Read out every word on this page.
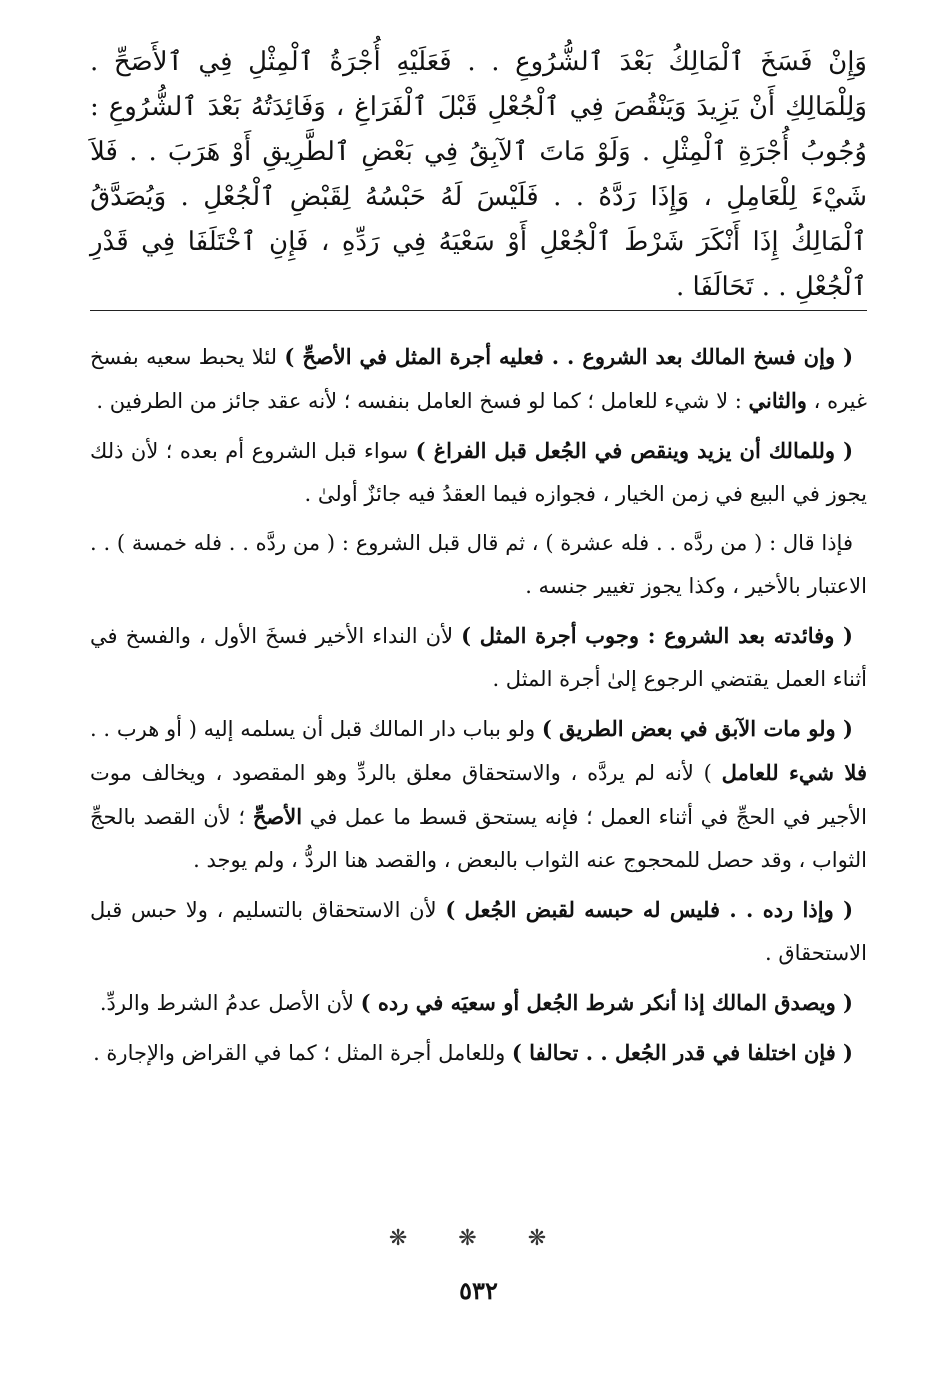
وَإِنْ فَسَخَ ٱلْمَالِكُ بَعْدَ ٱلشُّرُوعِ . . فَعَلَيْهِ أُجْرَةُ ٱلْمِثْلِ فِي ٱلأَصَحِّ . وَلِلْمَالِكِ أَنْ يَزِيدَ وَيَنْقُصَ فِي ٱلْجُعْلِ قَبْلَ ٱلْفَرَاغِ ، وَفَائِدَتُهُ بَعْدَ ٱلشُّرُوعِ : وُجُوبُ أُجْرَةِ ٱلْمِثْلِ . وَلَوْ مَاتَ ٱلآبِقُ فِي بَعْضِ ٱلطَّرِيقِ أَوْ هَرَبَ . . فَلاَ شَيْءَ لِلْعَامِلِ ، وَإِذَا رَدَّهُ . . فَلَيْسَ لَهُ حَبْسُهُ لِقَبْضِ ٱلْجُعْلِ . وَيُصَدَّقُ ٱلْمَالِكُ إِذَا أَنْكَرَ شَرْطَ ٱلْجُعْلِ أَوْ سَعْيَهُ فِي رَدِّهِ ، فَإِنِ ٱخْتَلَفَا فِي قَدْرِ ٱلْجُعْلِ . . تَحَالَفَا .

( وإن فسخ المالك بعد الشروع . . فعليه أجرة المثل في الأصحِّ ) لئلا يحبط سعيه بفسخ غيره ، والثاني : لا شيء للعامل ؛ كما لو فسخ العامل بنفسه ؛ لأنه عقد جائز من الطرفين .

( وللمالك أن يزيد وينقص في الجُعل قبل الفراغ ) سواء قبل الشروع أم بعده ؛ لأن ذلك يجوز في البيع في زمن الخيار ، فجوازه فيما العقدُ فيه جائزٌ أولىٰ .

فإذا قال : ( من ردَّه . . فله عشرة ) ، ثم قال قبل الشروع : ( من ردَّه . . فله خمسة ) . . الاعتبار بالأخير ، وكذا يجوز تغيير جنسه .

( وفائدته بعد الشروع : وجوب أجرة المثل ) لأن النداء الأخير فسخَ الأول ، والفسخ في أثناء العمل يقتضي الرجوع إلىٰ أجرة المثل .

( ولو مات الآبق في بعض الطريق ) ولو بباب دار المالك قبل أن يسلمه إليه ( أو هرب . . فلا شيء للعامل ) لأنه لم يردَّه ، والاستحقاق معلق بالردِّ وهو المقصود ، ويخالف موت الأجير في الحجِّ في أثناء العمل ؛ فإنه يستحق قسط ما عمل في الأصحِّ ؛ لأن القصد بالحجِّ الثواب ، وقد حصل للمحجوج عنه الثواب بالبعض ، والقصد هنا الردُّ ، ولم يوجد .

( وإذا رده . . فليس له حبسه لقبض الجُعل ) لأن الاستحقاق بالتسليم ، ولا حبس قبل الاستحقاق .

( ويصدق المالك إذا أنكر شرط الجُعل أو سعيَه في رده ) لأن الأصل عدمُ الشرط والردِّ.

( فإن اختلفا في قدر الجُعل . . تحالفا ) وللعامل أجرة المثل ؛ كما في القراض والإجارة .

❋ ❋ ❋
٥٣٢
